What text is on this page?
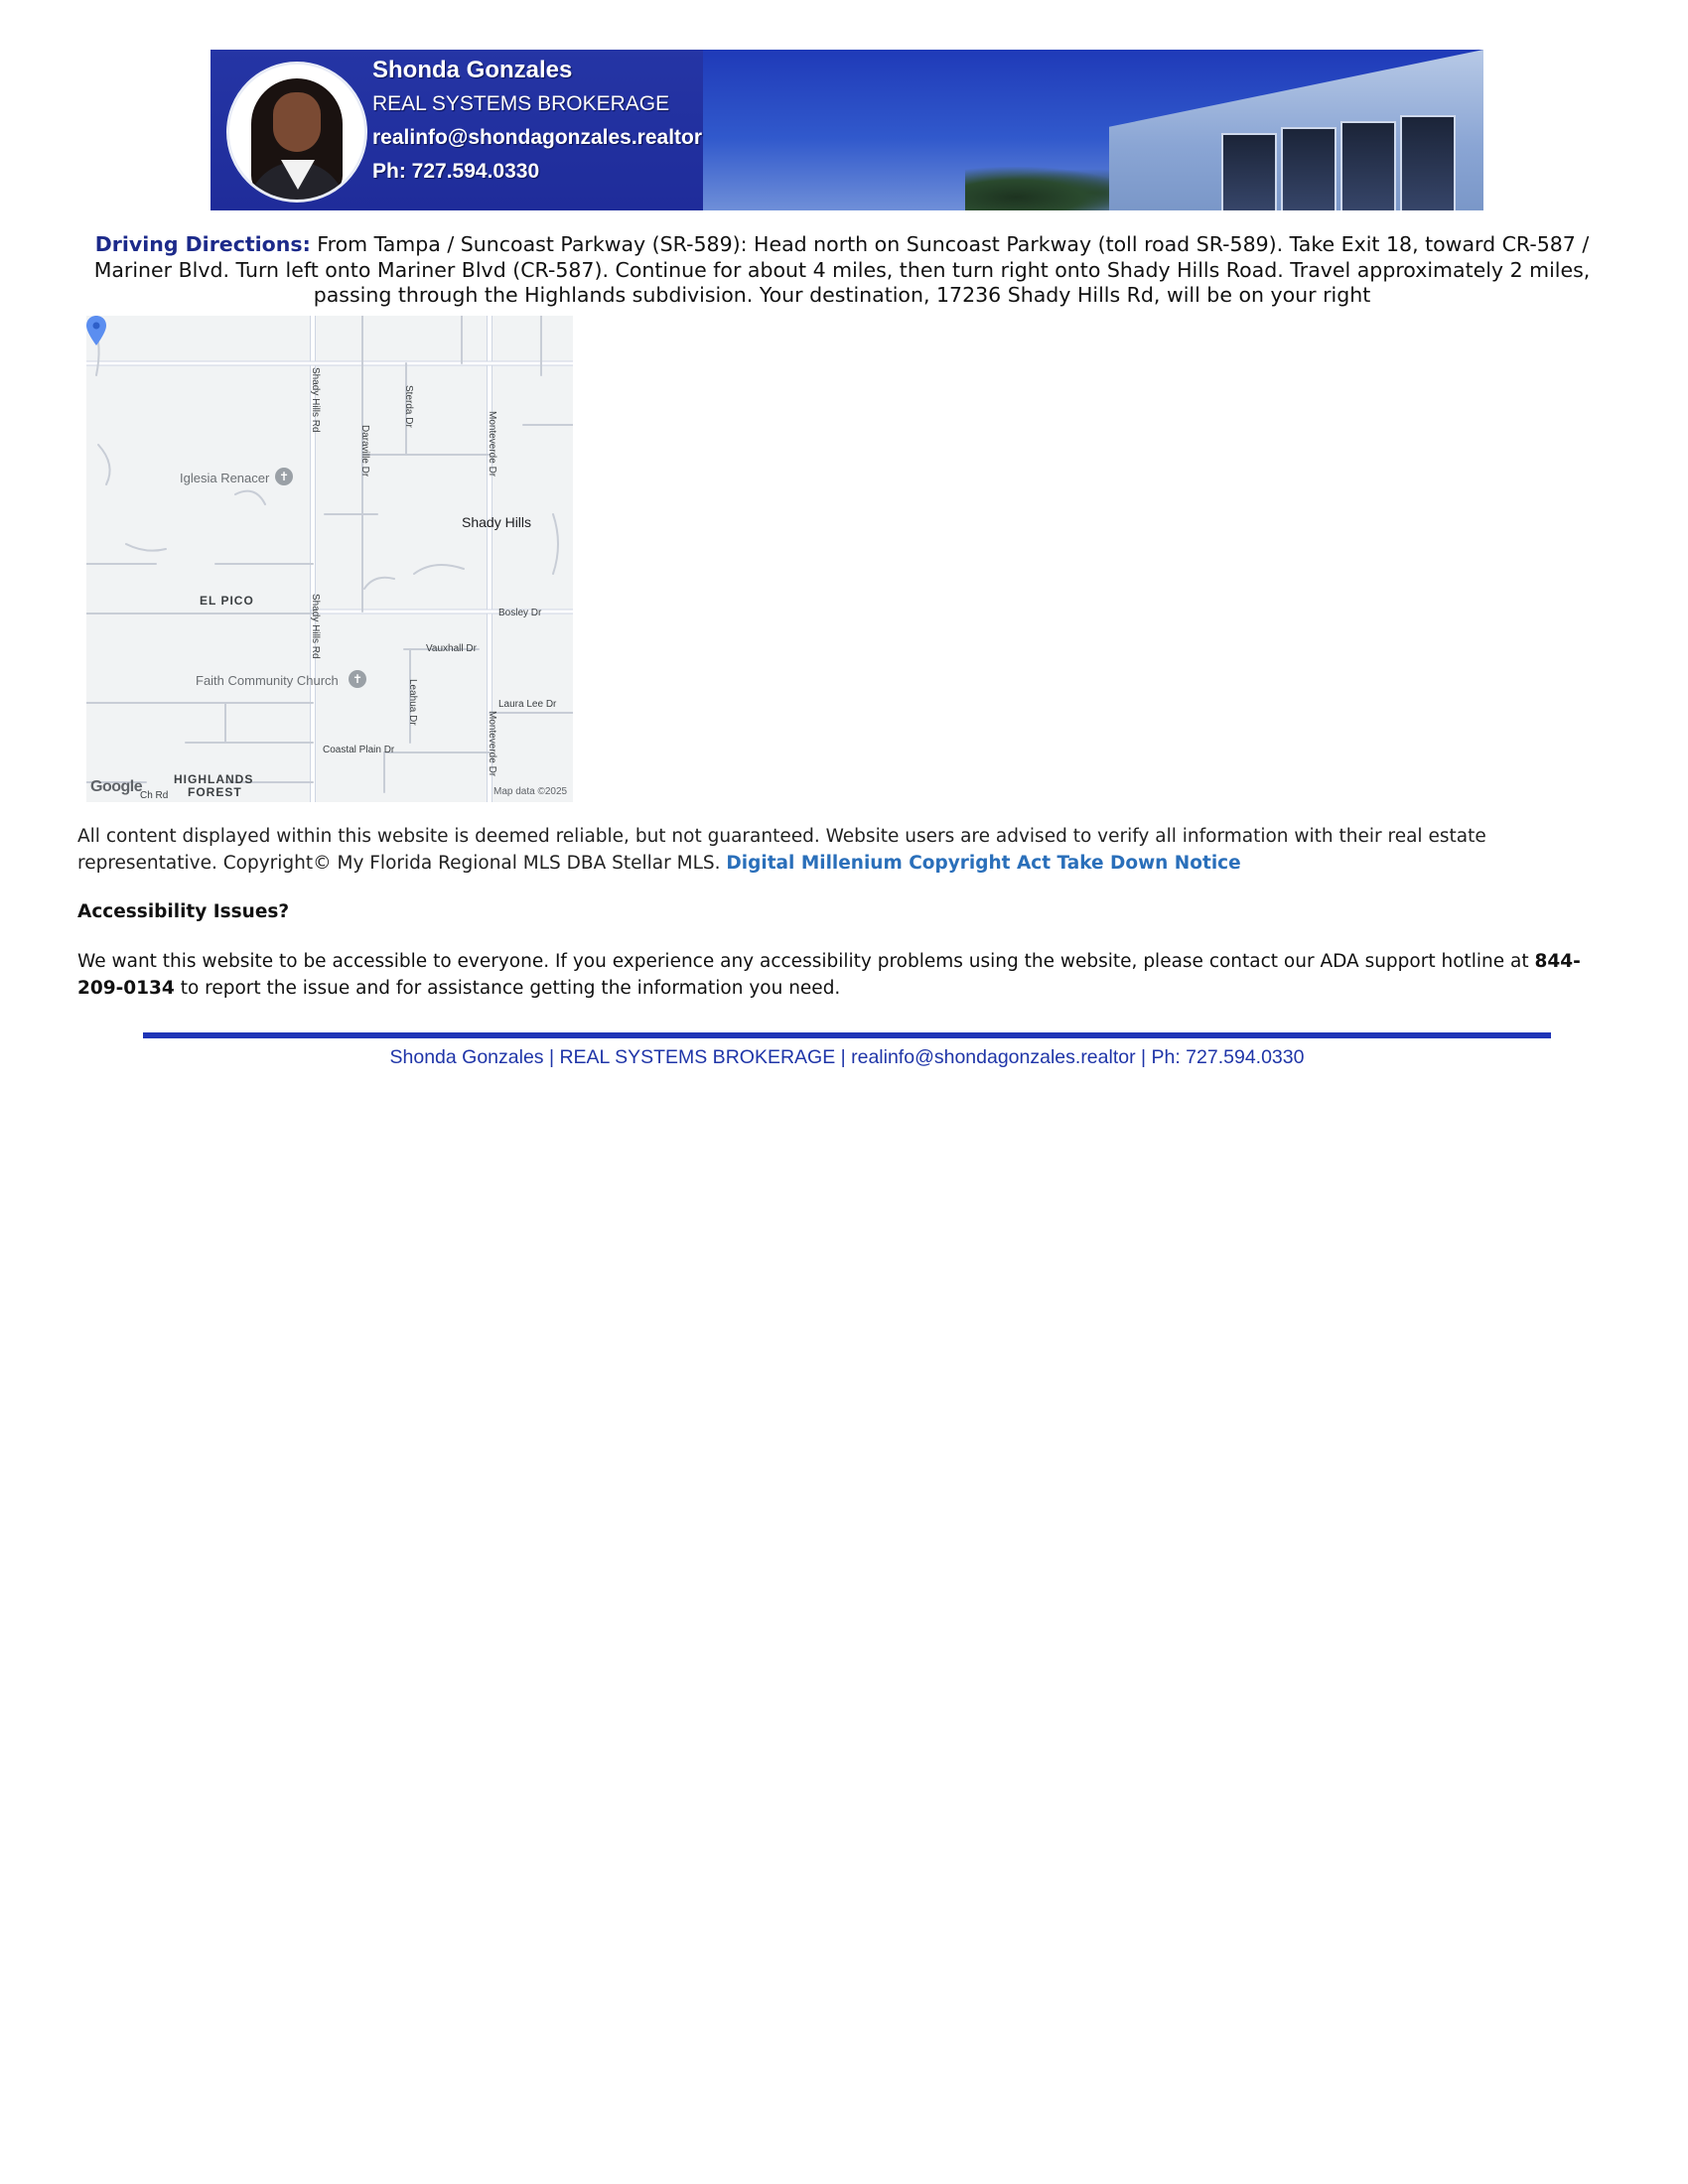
Shonda Gonzales
REAL SYSTEMS BROKERAGE
realinfo@shondagonzales.realtor
Ph: 727.594.0330
Driving Directions: From Tampa / Suncoast Parkway (SR-589): Head north on Suncoast Parkway (toll road SR-589). Take Exit 18, toward CR-587 / Mariner Blvd. Turn left onto Mariner Blvd (CR-587). Continue for about 4 miles, then turn right onto Shady Hills Road. Travel approximately 2 miles, passing through the Highlands subdivision. Your destination, 17236 Shady Hills Rd, will be on your right
Shady Hills Rd
Daraville Dr
Sterda Dr
Monteverde Dr
Shady Hills Rd	Bosley Dr
Vauxhall Dr
Leahua Dr	Laura Lee Dr
Monteverde Dr
Coastal Plain Dr
Ch Rd
EL PICO
HIGHLANDS
FOREST
Shady Hills
Iglesia Renacer ✝
Faith Community Church	✝
Google	Map data ©2025
All content displayed within this website is deemed reliable, but not guaranteed. Website users are advised to verify all information with their real estate representative. Copyright© My Florida Regional MLS DBA Stellar MLS. Digital Millenium Copyright Act Take Down Notice
Accessibility Issues?
We want this website to be accessible to everyone. If you experience any accessibility problems using the website, please contact our ADA support hotline at 844-209-0134 to report the issue and for assistance getting the information you need.
Shonda Gonzales | REAL SYSTEMS BROKERAGE | realinfo@shondagonzales.realtor | Ph: 727.594.0330
